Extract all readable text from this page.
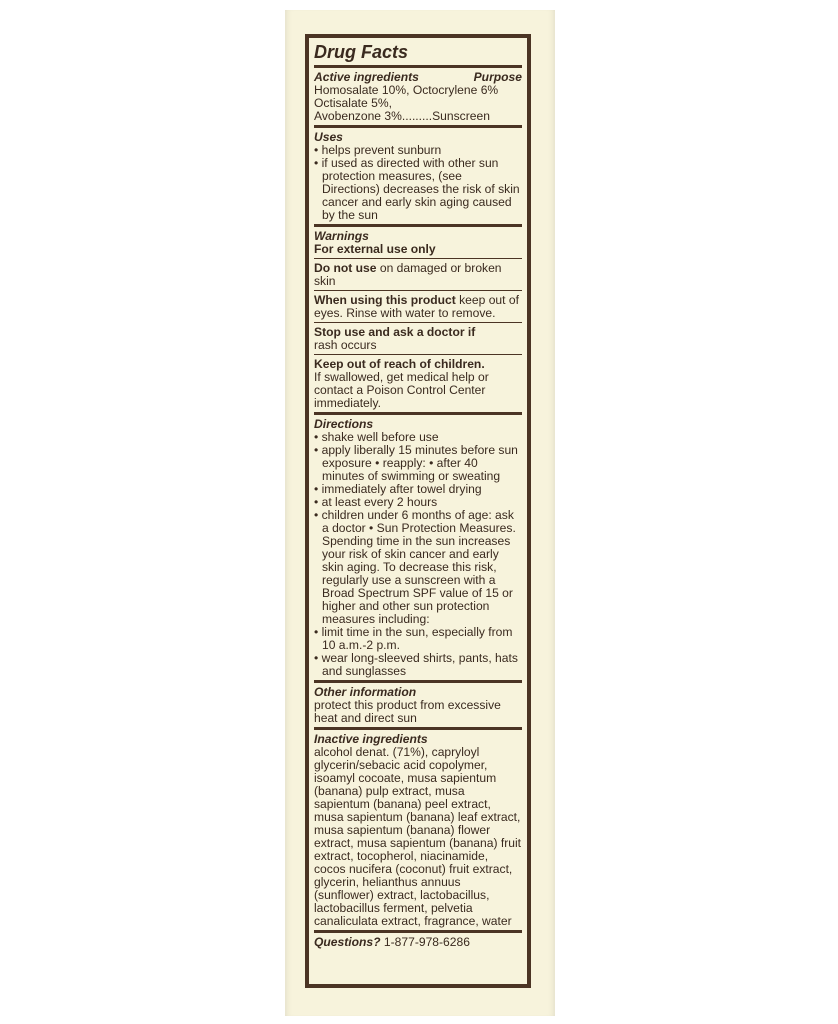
Drug Facts
Active ingredients	Purpose
Homosalate 10%, Octocrylene 6%
Octisalate 5%,
Avobenzone 3%.........Sunscreen
Uses
• helps prevent sunburn
• if used as directed with other sun protection measures, (see Directions) decreases the risk of skin cancer and early skin aging caused by the sun
Warnings
For external use only
Do not use on damaged or broken skin
When using this product keep out of eyes. Rinse with water to remove.
Stop use and ask a doctor if
rash occurs
Keep out of reach of children.
If swallowed, get medical help or contact a Poison Control Center immediately.
Directions
• shake well before use
• apply liberally 15 minutes before sun exposure • reapply: • after 40 minutes of swimming or sweating
• immediately after towel drying
• at least every 2 hours
• children under 6 months of age: ask a doctor • Sun Protection Measures. Spending time in the sun increases your risk of skin cancer and early skin aging. To decrease this risk, regularly use a sunscreen with a Broad Spectrum SPF value of 15 or higher and other sun protection measures including:
• limit time in the sun, especially from 10 a.m.-2 p.m.
• wear long-sleeved shirts, pants, hats and sunglasses
Other information
protect this product from excessive heat and direct sun
Inactive ingredients
alcohol denat. (71%), capryloyl glycerin/sebacic acid copolymer, isoamyl cocoate, musa sapientum (banana) pulp extract, musa sapientum (banana) peel extract, musa sapientum (banana) leaf extract, musa sapientum (banana) flower extract, musa sapientum (banana) fruit extract, tocopherol, niacinamide, cocos nucifera (coconut) fruit extract, glycerin, helianthus annuus (sunflower) extract, lactobacillus, lactobacillus ferment, pelvetia canaliculata extract, fragrance, water
Questions? 1-877-978-6286
